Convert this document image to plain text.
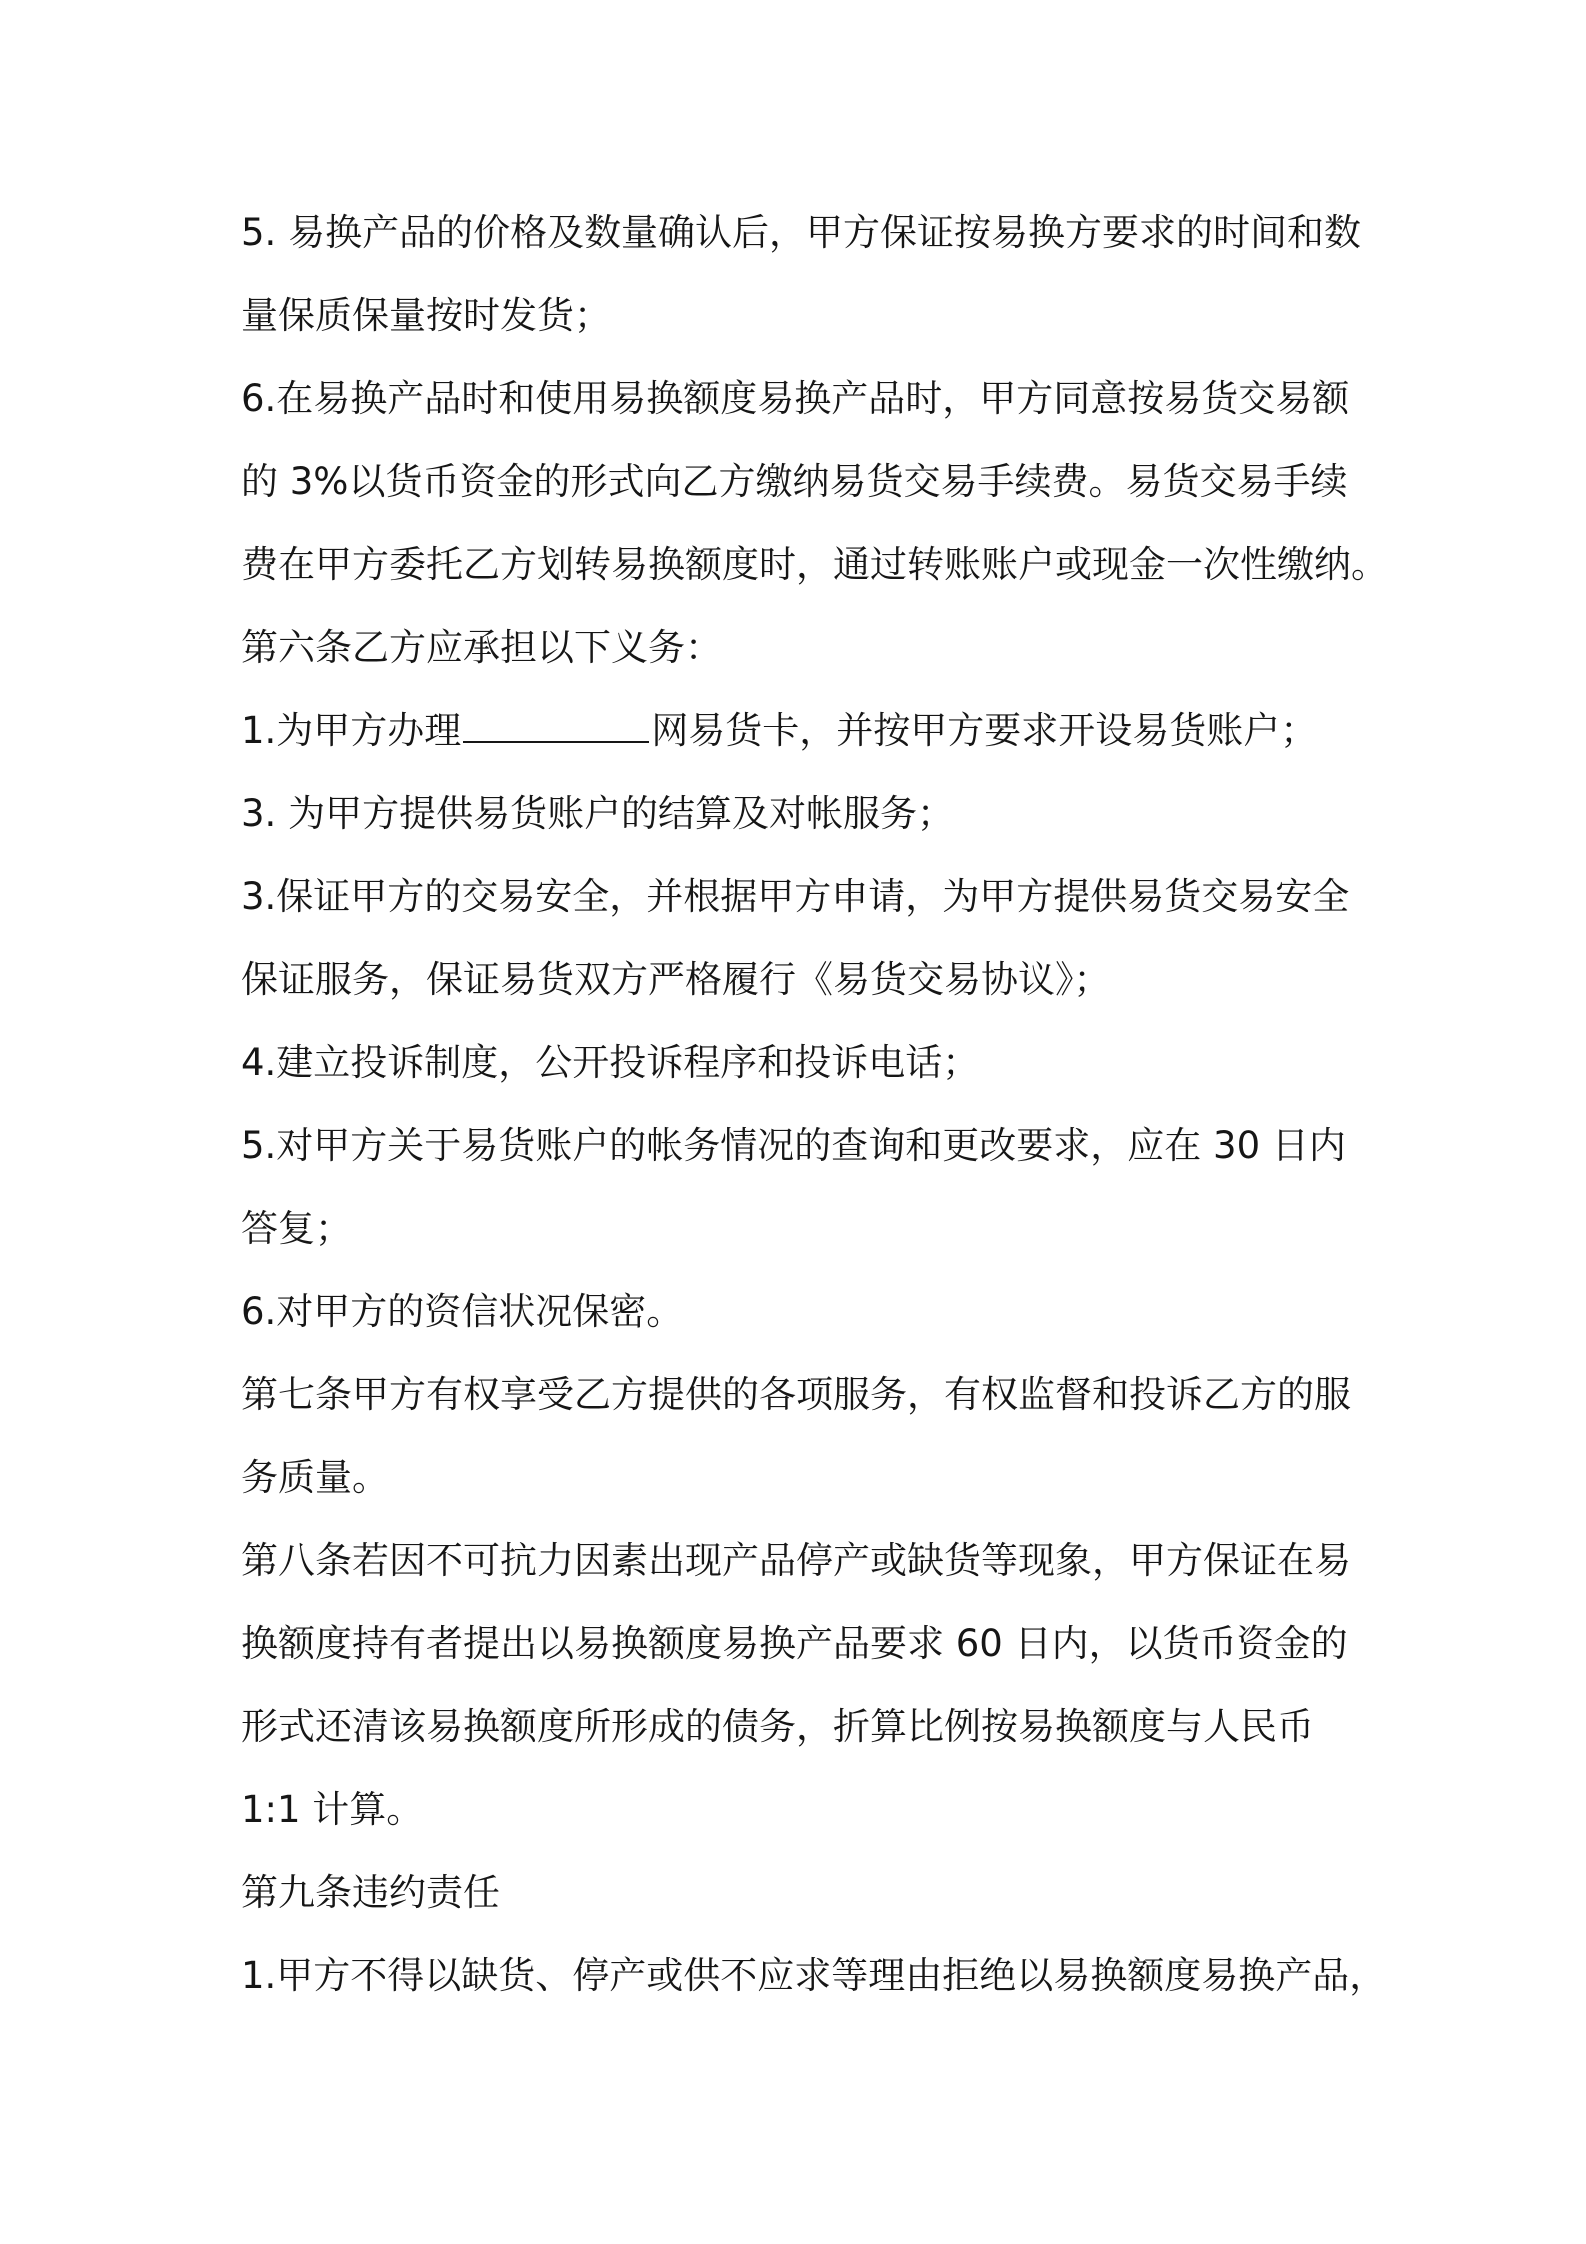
5. 易换产品的价格及数量确认后，甲方保证按易换方要求的时间和数
量保质保量按时发货；
6.在易换产品时和使用易换额度易换产品时，甲方同意按易货交易额
的 3%以货币资金的形式向乙方缴纳易货交易手续费。易货交易手续
费在甲方委托乙方划转易换额度时，通过转账账户或现金一次性缴纳。
第六条乙方应承担以下义务：
1.为甲方办理	网易货卡，并按甲方要求开设易货账户；
3. 为甲方提供易货账户的结算及对帐服务；
3.保证甲方的交易安全，并根据甲方申请，为甲方提供易货交易安全
保证服务，保证易货双方严格履行《易货交易协议》；
4.建立投诉制度，公开投诉程序和投诉电话；
5.对甲方关于易货账户的帐务情况的查询和更改要求，应在 30 日内
答复；
6.对甲方的资信状况保密。
第七条甲方有权享受乙方提供的各项服务，有权监督和投诉乙方的服
务质量。
第八条若因不可抗力因素出现产品停产或缺货等现象，甲方保证在易
换额度持有者提出以易换额度易换产品要求 60 日内，以货币资金的
形式还清该易换额度所形成的债务，折算比例按易换额度与人民币
1:1 计算。
第九条违约责任
1.甲方不得以缺货、停产或供不应求等理由拒绝以易换额度易换产品，
